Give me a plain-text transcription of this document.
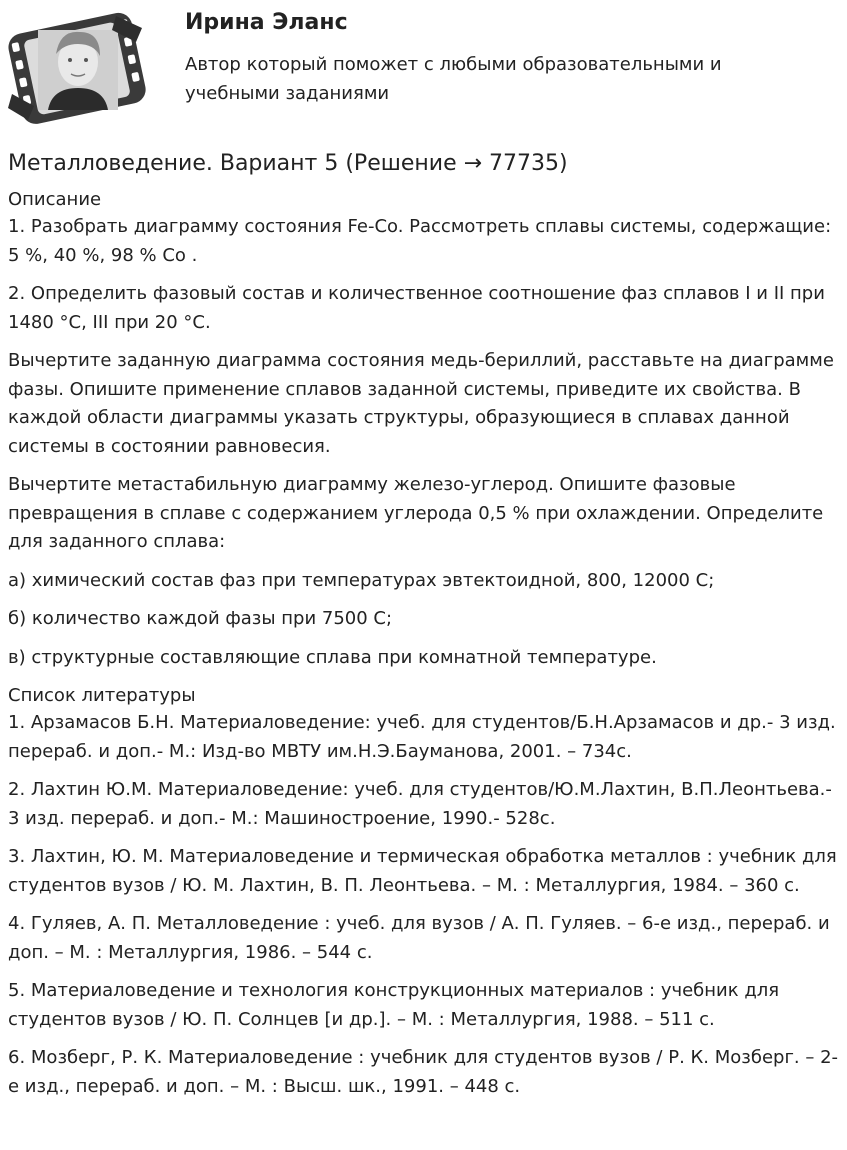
Ирина Эланс

Автор который поможет с любыми образовательными и учебными заданиями

Металловедение. Вариант 5 (Решение → 77735)

Описание

1. Разобрать диаграмму состояния Fe-Co. Рассмотреть сплавы системы, содержащие: 5 %, 40 %, 98 % Со .

2. Определить фазовый состав и количественное соотношение фаз сплавов I и II при 1480 °С, III при 20 °С.

Вычертите заданную диаграмма состояния медь-бериллий, расставьте на диаграмме фазы. Опишите применение сплавов заданной системы, приведите их свойства. В каждой области диаграммы указать структуры, образующиеся в сплавах данной системы в состоянии равновесия.

Вычертите метастабильную диаграмму железо-углерод. Опишите фазовые превращения в сплаве с содержанием углерода 0,5 % при охлаждении. Определите для заданного сплава:

а) химический состав фаз при температурах эвтектоидной, 800, 12000 С;

б) количество каждой фазы при 7500 С;

в) структурные составляющие сплава при комнатной температуре.

Список литературы

1. Арзамасов Б.Н. Материаловедение: учеб. для студентов/Б.Н.Арзамасов и др.- 3 изд. перераб. и доп.- М.: Изд-во МВТУ им.Н.Э.Бауманова, 2001. – 734с.
2. Лахтин Ю.М. Материаловедение: учеб. для студентов/Ю.М.Лахтин, В.П.Леонтьева.- 3 изд. перераб. и доп.- М.: Машиностроение, 1990.- 528с.
3. Лахтин, Ю. М. Материаловедение и термическая обработка металлов : учебник для студентов вузов / Ю. М. Лахтин, В. П. Леонтьева. – М. : Металлургия, 1984. – 360 с.
4. Гуляев, А. П. Металловедение : учеб. для вузов / А. П. Гуляев. – 6-е изд., перераб. и доп. – М. : Металлургия, 1986. – 544 с.
5. Материаловедение и технология конструкционных материалов : учебник для студентов вузов / Ю. П. Солнцев [и др.]. – М. : Металлургия, 1988. – 511 с.
6. Мозберг, Р. К. Материаловедение : учебник для студентов вузов / Р. К. Мозберг. – 2-е изд., перераб. и доп. – М. : Высш. шк., 1991. – 448 с.
